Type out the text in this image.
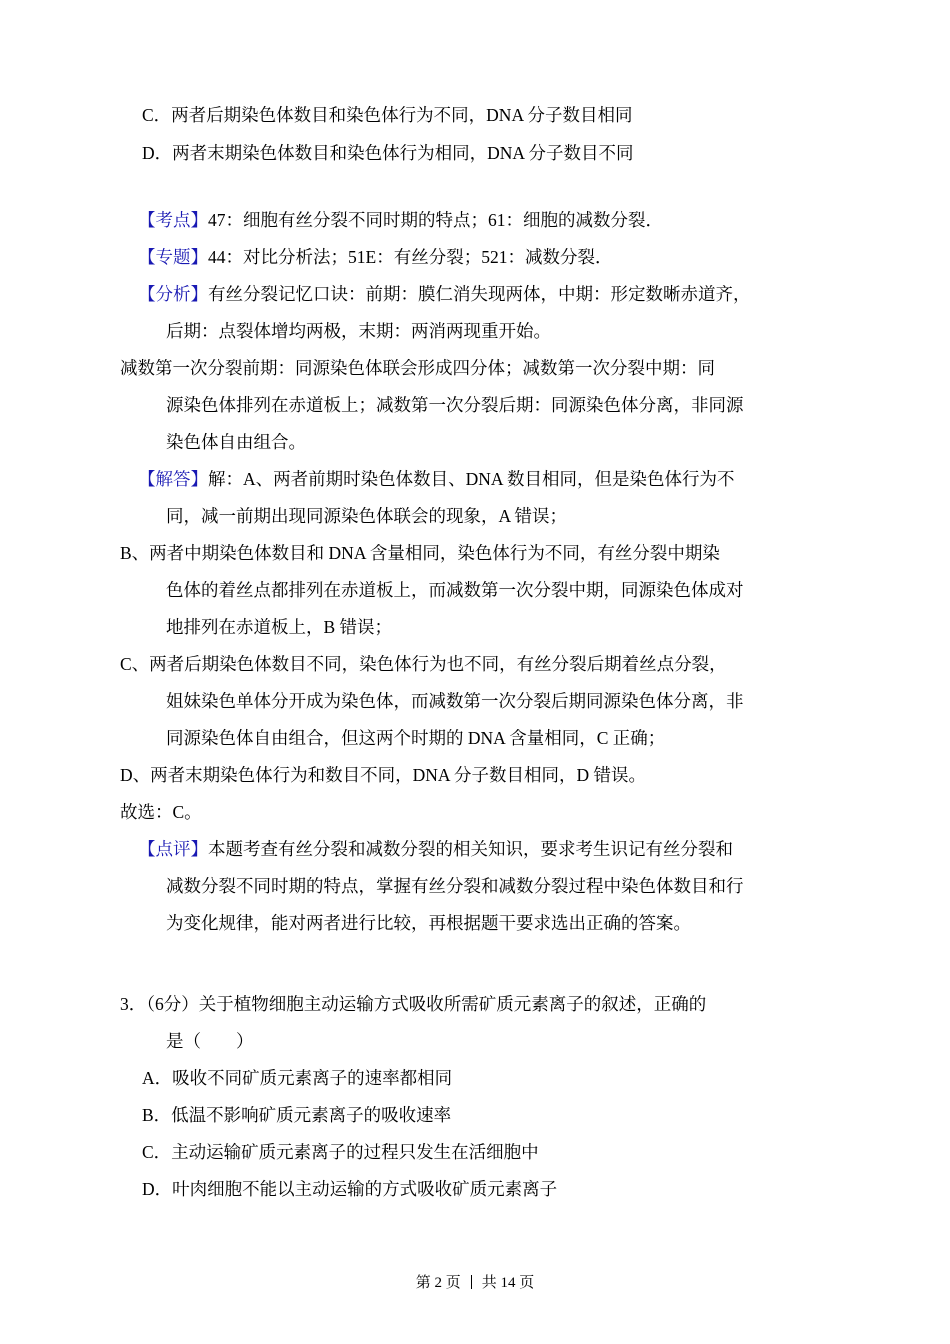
C．两者后期染色体数目和染色体行为不同，DNA 分子数目相同
D．两者末期染色体数目和染色体行为相同，DNA 分子数目不同
【考点】47：细胞有丝分裂不同时期的特点；61：细胞的减数分裂．
【专题】44：对比分析法；51E：有丝分裂；521：减数分裂．
【分析】有丝分裂记忆口诀：前期：膜仁消失现两体，中期：形定数晰赤道齐，
后期：点裂体增均两极，末期：两消两现重开始。
减数第一次分裂前期：同源染色体联会形成四分体；减数第一次分裂中期：同
源染色体排列在赤道板上；减数第一次分裂后期：同源染色体分离，非同源
染色体自由组合。
【解答】解：A、两者前期时染色体数目、DNA 数目相同，但是染色体行为不
同，减一前期出现同源染色体联会的现象，A 错误；
B、两者中期染色体数目和 DNA 含量相同，染色体行为不同，有丝分裂中期染
色体的着丝点都排列在赤道板上，而减数第一次分裂中期，同源染色体成对
地排列在赤道板上，B 错误；
C、两者后期染色体数目不同，染色体行为也不同，有丝分裂后期着丝点分裂，
姐妹染色单体分开成为染色体，而减数第一次分裂后期同源染色体分离，非
同源染色体自由组合，但这两个时期的 DNA 含量相同，C 正确；
D、两者末期染色体行为和数目不同，DNA 分子数目相同，D 错误。
故选：C。
【点评】本题考查有丝分裂和减数分裂的相关知识，要求考生识记有丝分裂和
减数分裂不同时期的特点，掌握有丝分裂和减数分裂过程中染色体数目和行
为变化规律，能对两者进行比较，再根据题干要求选出正确的答案。
3．（6分）关于植物细胞主动运输方式吸收所需矿质元素离子的叙述，正确的
是（　　）
A．吸收不同矿质元素离子的速率都相同
B．低温不影响矿质元素离子的吸收速率
C．主动运输矿质元素离子的过程只发生在活细胞中
D．叶肉细胞不能以主动运输的方式吸收矿质元素离子
第 2 页 共 14 页
